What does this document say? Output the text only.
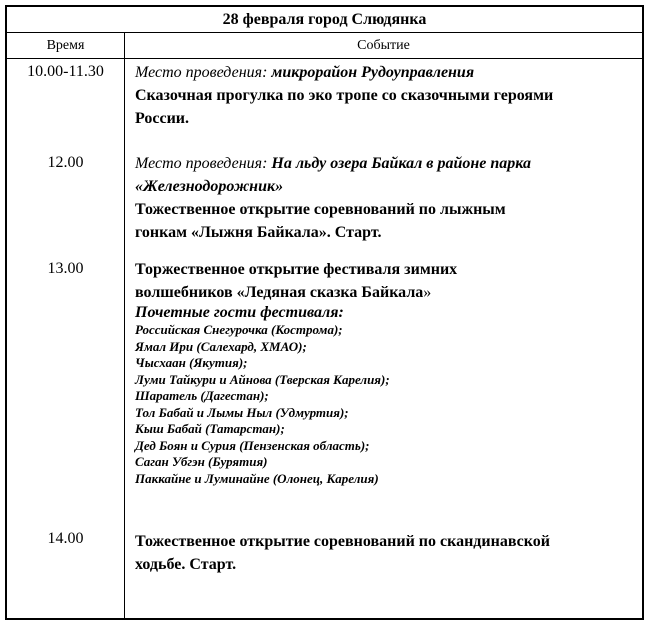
28 февраля город Слюдянка
Время	Событие
10.00-11.30	Место проведения: микрорайон Рудоуправления
Сказочная прогулка по эко тропе со сказочными героями
России.
12.00	Место проведения: На льду озера Байкал в районе парка
«Железнодорожник»
Тожественное открытие соревнований по лыжным
гонкам «Лыжня Байкала». Старт.
13.00	Торжественное открытие фестиваля зимних
волшебников «Ледяная сказка Байкала»
Почетные гости фестиваля:
Российская Снегурочка (Кострома);
Ямал Ири (Салехард, ХМАО);
Чысхаан (Якутия);
Луми Тайкури и Айнова (Тверская Карелия);
Шаратель (Дагестан);
Тол Бабай и Лымы Ныл (Удмуртия);
Кыш Бабай (Татарстан);
Дед Боян и Сурия (Пензенская область);
Саган Убгэн (Бурятия)
Паккайне и Луминайне (Олонец, Карелия)
14.00	Тожественное открытие соревнований по скандинавской
ходьбе. Старт.
